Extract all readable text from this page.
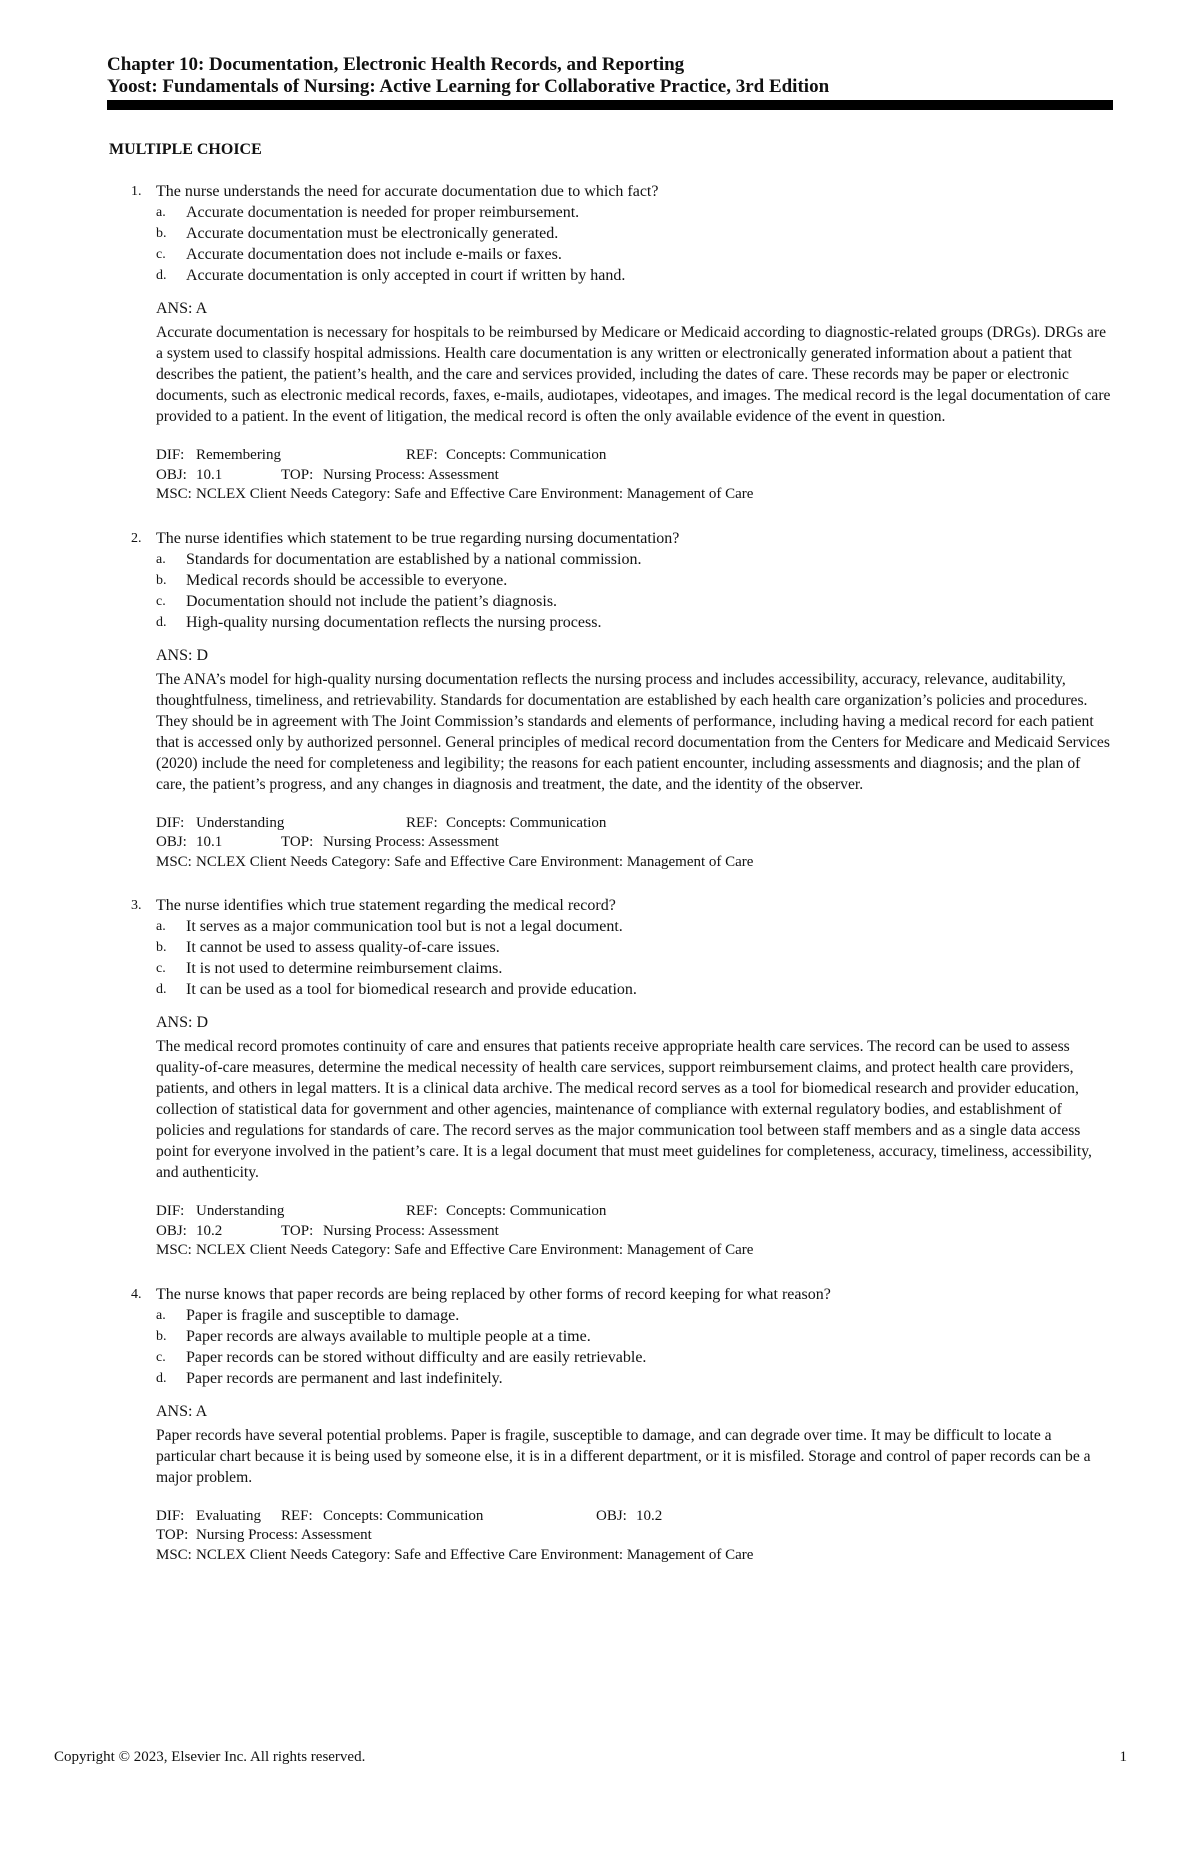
Chapter 10: Documentation, Electronic Health Records, and Reporting
Yoost: Fundamentals of Nursing: Active Learning for Collaborative Practice, 3rd Edition
MULTIPLE CHOICE
1. The nurse understands the need for accurate documentation due to which fact?
a. Accurate documentation is needed for proper reimbursement.
b. Accurate documentation must be electronically generated.
c. Accurate documentation does not include e-mails or faxes.
d. Accurate documentation is only accepted in court if written by hand.
ANS: A
Accurate documentation is necessary for hospitals to be reimbursed by Medicare or Medicaid according to diagnostic-related groups (DRGs). DRGs are a system used to classify hospital admissions. Health care documentation is any written or electronically generated information about a patient that describes the patient, the patient’s health, and the care and services provided, including the dates of care. These records may be paper or electronic documents, such as electronic medical records, faxes, e-mails, audiotapes, videotapes, and images. The medical record is the legal documentation of care provided to a patient. In the event of litigation, the medical record is often the only available evidence of the event in question.
DIF: Remembering	REF: Concepts: Communication
OBJ: 10.1	TOP: Nursing Process: Assessment
MSC: NCLEX Client Needs Category: Safe and Effective Care Environment: Management of Care
2. The nurse identifies which statement to be true regarding nursing documentation?
a. Standards for documentation are established by a national commission.
b. Medical records should be accessible to everyone.
c. Documentation should not include the patient’s diagnosis.
d. High-quality nursing documentation reflects the nursing process.
ANS: D
The ANA’s model for high-quality nursing documentation reflects the nursing process and includes accessibility, accuracy, relevance, auditability, thoughtfulness, timeliness, and retrievability. Standards for documentation are established by each health care organization’s policies and procedures. They should be in agreement with The Joint Commission’s standards and elements of performance, including having a medical record for each patient that is accessed only by authorized personnel. General principles of medical record documentation from the Centers for Medicare and Medicaid Services (2020) include the need for completeness and legibility; the reasons for each patient encounter, including assessments and diagnosis; and the plan of care, the patient’s progress, and any changes in diagnosis and treatment, the date, and the identity of the observer.
DIF: Understanding	REF: Concepts: Communication
OBJ: 10.1	TOP: Nursing Process: Assessment
MSC: NCLEX Client Needs Category: Safe and Effective Care Environment: Management of Care
3. The nurse identifies which true statement regarding the medical record?
a. It serves as a major communication tool but is not a legal document.
b. It cannot be used to assess quality-of-care issues.
c. It is not used to determine reimbursement claims.
d. It can be used as a tool for biomedical research and provide education.
ANS: D
The medical record promotes continuity of care and ensures that patients receive appropriate health care services. The record can be used to assess quality-of-care measures, determine the medical necessity of health care services, support reimbursement claims, and protect health care providers, patients, and others in legal matters. It is a clinical data archive. The medical record serves as a tool for biomedical research and provider education, collection of statistical data for government and other agencies, maintenance of compliance with external regulatory bodies, and establishment of policies and regulations for standards of care. The record serves as the major communication tool between staff members and as a single data access point for everyone involved in the patient’s care. It is a legal document that must meet guidelines for completeness, accuracy, timeliness, accessibility, and authenticity.
DIF: Understanding	REF: Concepts: Communication
OBJ: 10.2	TOP: Nursing Process: Assessment
MSC: NCLEX Client Needs Category: Safe and Effective Care Environment: Management of Care
4. The nurse knows that paper records are being replaced by other forms of record keeping for what reason?
a. Paper is fragile and susceptible to damage.
b. Paper records are always available to multiple people at a time.
c. Paper records can be stored without difficulty and are easily retrievable.
d. Paper records are permanent and last indefinitely.
ANS: A
Paper records have several potential problems. Paper is fragile, susceptible to damage, and can degrade over time. It may be difficult to locate a particular chart because it is being used by someone else, it is in a different department, or it is misfiled. Storage and control of paper records can be a major problem.
DIF: Evaluating REF: Concepts: Communication	OBJ: 10.2
TOP: Nursing Process: Assessment
MSC: NCLEX Client Needs Category: Safe and Effective Care Environment: Management of Care
Copyright © 2023, Elsevier Inc. All rights reserved.	1
